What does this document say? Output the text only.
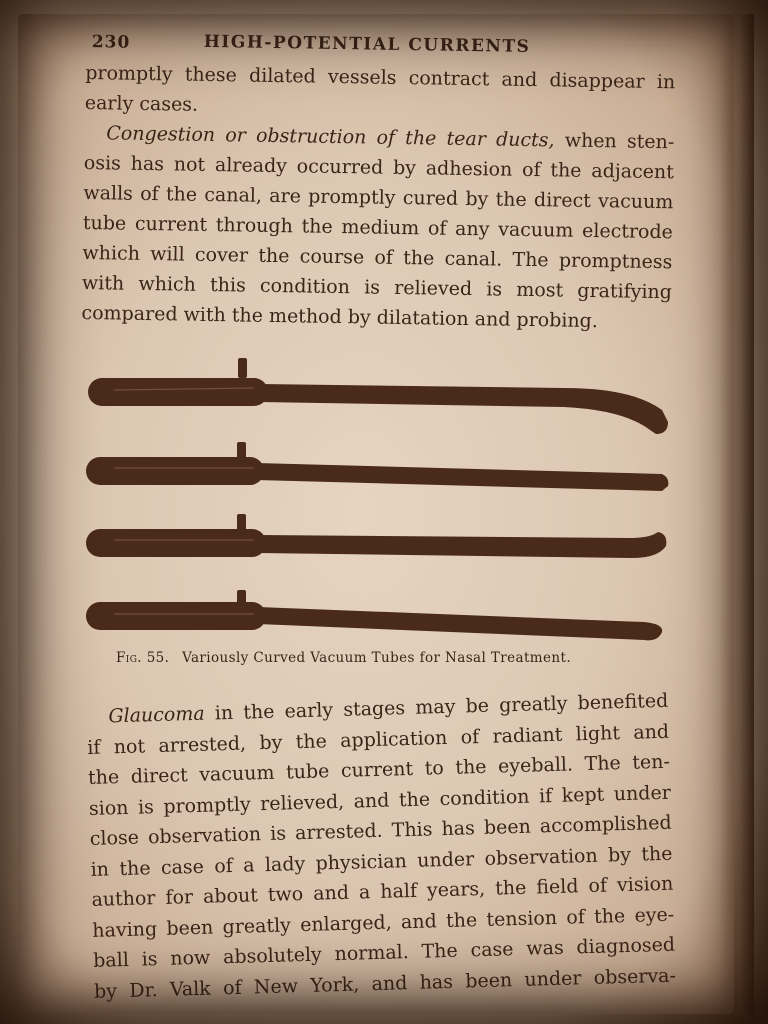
230	HIGH-POTENTIAL CURRENTS
promptly these dilated vessels contract and disappear in
early cases.
Congestion or obstruction of the tear ducts, when sten-
osis has not already occurred by adhesion of the adjacent
walls of the canal, are promptly cured by the direct vacuum
tube current through the medium of any vacuum electrode
which will cover the course of the canal. The promptness
with which this condition is relieved is most gratifying
compared with the method by dilatation and probing.
Fig. 55. Variously Curved Vacuum Tubes for Nasal Treatment.
Glaucoma in the early stages may be greatly benefited
if not arrested, by the application of radiant light and
the direct vacuum tube current to the eyeball. The ten-
sion is promptly relieved, and the condition if kept under
close observation is arrested. This has been accomplished
in the case of a lady physician under observation by the
author for about two and a half years, the field of vision
having been greatly enlarged, and the tension of the eye-
ball is now absolutely normal. The case was diagnosed
by Dr. Valk of New York, and has been under observa-
